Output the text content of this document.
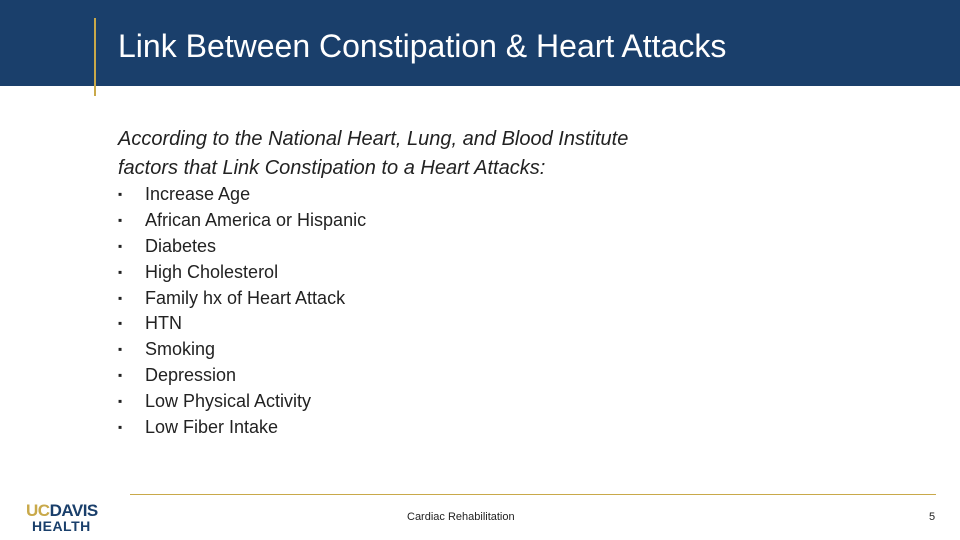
Link Between Constipation & Heart Attacks
According to the National Heart, Lung, and Blood Institute
factors that Link Constipation to a Heart Attacks:
▪	Increase Age
▪	African America or Hispanic
▪	Diabetes
▪	High Cholesterol
▪	Family hx of Heart Attack
▪	HTN
▪	Smoking
▪	Depression
▪	Low Physical Activity
▪	Low Fiber Intake
UCDAVIS
HEALTH
Cardiac Rehabilitation	5
